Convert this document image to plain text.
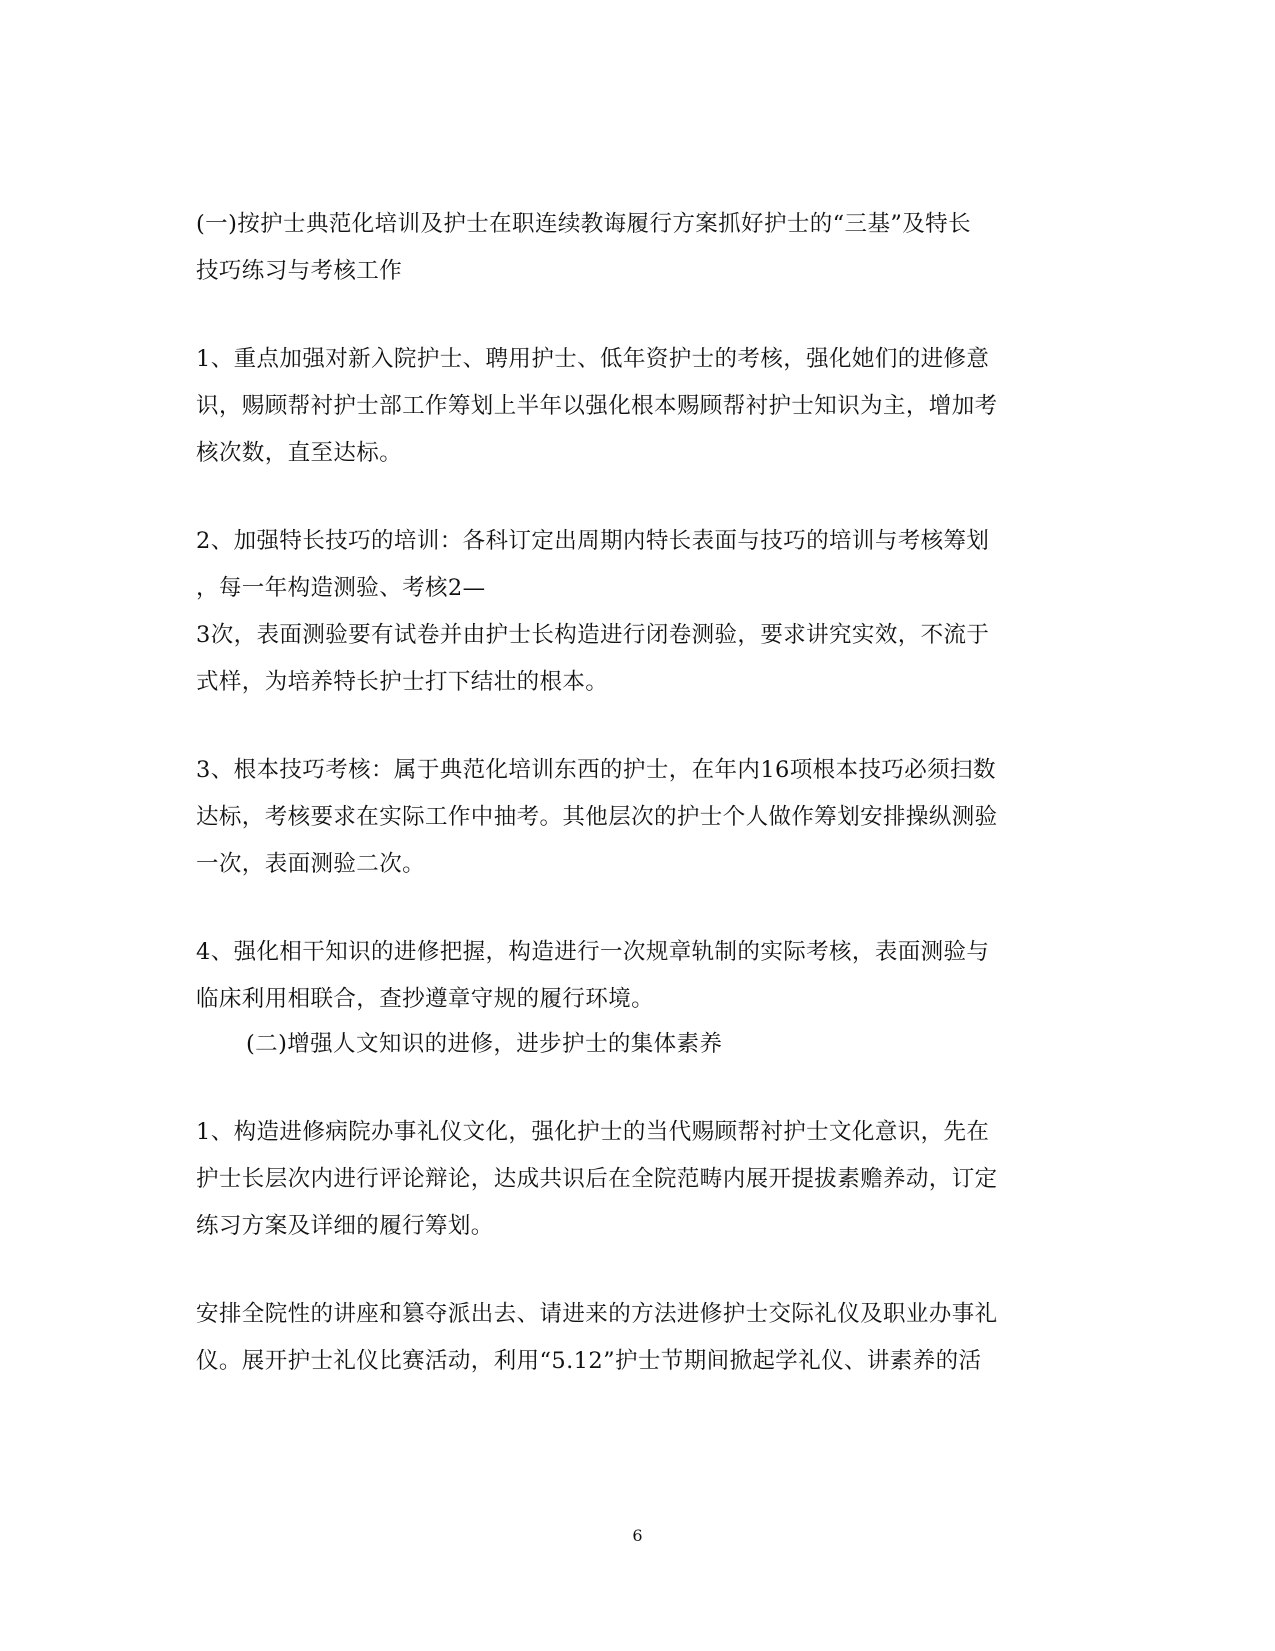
(一)按护士典范化培训及护士在职连续教诲履行方案抓好护士的“三基”及特长
技巧练习与考核工作
1、重点加强对新入院护士、聘用护士、低年资护士的考核，强化她们的进修意
识，赐顾帮衬护士部工作筹划上半年以强化根本赐顾帮衬护士知识为主，增加考
核次数，直至达标。
2、加强特长技巧的培训：各科订定出周期内特长表面与技巧的培训与考核筹划
，每一年构造测验、考核2—
3次，表面测验要有试卷并由护士长构造进行闭卷测验，要求讲究实效，不流于
式样，为培养特长护士打下结壮的根本。
3、根本技巧考核：属于典范化培训东西的护士，在年内16项根本技巧必须扫数
达标，考核要求在实际工作中抽考。其他层次的护士个人做作筹划安排操纵测验
一次，表面测验二次。
4、强化相干知识的进修把握，构造进行一次规章轨制的实际考核，表面测验与
临床利用相联合，查抄遵章守规的履行环境。
(二)增强人文知识的进修，进步护士的集体素养
1、构造进修病院办事礼仪文化，强化护士的当代赐顾帮衬护士文化意识，先在
护士长层次内进行评论辩论，达成共识后在全院范畴内展开提拔素赡养动，订定
练习方案及详细的履行筹划。
安排全院性的讲座和篡夺派出去、请进来的方法进修护士交际礼仪及职业办事礼
仪。展开护士礼仪比赛活动，利用“5.12”护士节期间掀起学礼仪、讲素养的活
6
